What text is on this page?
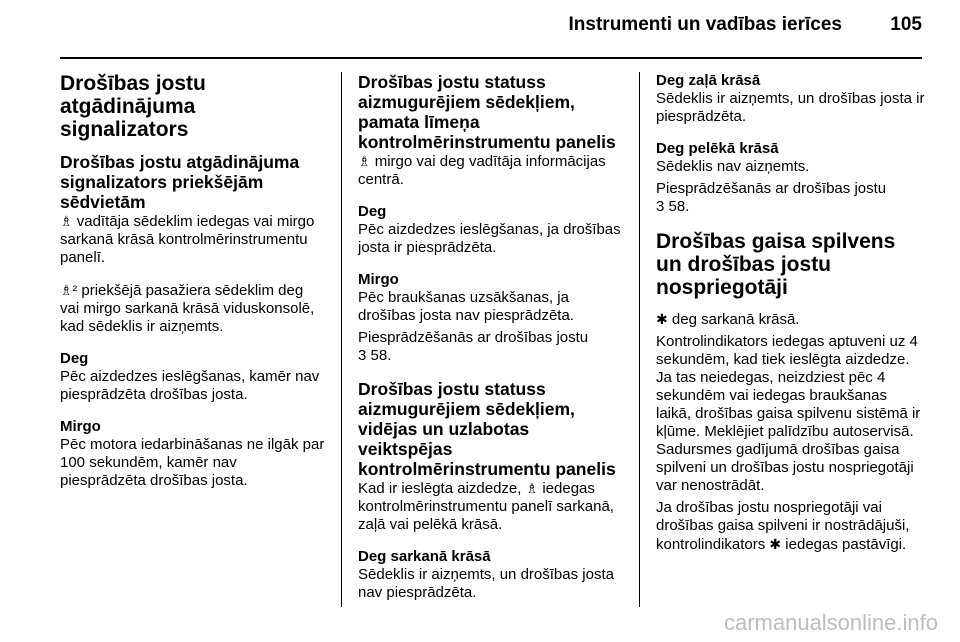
Instrumenti un vadības ierīces	105
Drošības jostu atgādinājuma signalizators
Drošības jostu atgādinājuma signalizators priekšējām sēdvietām
♗ vadītāja sēdeklim iedegas vai mirgo sarkanā krāsā kontrolmērinstrumentu panelī.
♗² priekšējā pasažiera sēdeklim deg vai mirgo sarkanā krāsā viduskonsolē, kad sēdeklis ir aizņemts.
Deg
Pēc aizdedzes ieslēgšanas, kamēr nav piesprādzēta drošības josta.
Mirgo
Pēc motora iedarbināšanas ne ilgāk par 100 sekundēm, kamēr nav piesprādzēta drošības josta.
Drošības jostu statuss aizmugurējiem sēdekļiem, pamata līmeņa kontrolmērinstrumentu panelis
♗ mirgo vai deg vadītāja informācijas centrā.
Deg
Pēc aizdedzes ieslēgšanas, ja drošības josta ir piesprādzēta.
Mirgo
Pēc braukšanas uzsākšanas, ja drošības josta nav piesprādzēta.
Piesprādzēšanās ar drošības jostu
3 58.
Drošības jostu statuss aizmugurējiem sēdekļiem, vidējas un uzlabotas veiktspējas kontrolmērinstrumentu panelis
Kad ir ieslēgta aizdedze, ♗ iedegas kontrolmērinstrumentu panelī sarkanā, zaļā vai pelēkā krāsā.
Deg sarkanā krāsā
Sēdeklis ir aizņemts, un drošības josta nav piesprādzēta.
Deg zaļā krāsā
Sēdeklis ir aizņemts, un drošības josta ir piesprādzēta.
Deg pelēkā krāsā
Sēdeklis nav aizņemts.
Piesprādzēšanās ar drošības jostu
3 58.
Drošības gaisa spilvens un drošības jostu nospriegotāji
✱ deg sarkanā krāsā.
Kontrolindikators iedegas aptuveni uz 4 sekundēm, kad tiek ieslēgta aizdedze. Ja tas neiedegas, neizdziest pēc 4 sekundēm vai iedegas braukšanas laikā, drošības gaisa spilvenu sistēmā ir kļūme. Meklējiet palīdzību autoservisā. Sadursmes gadījumā drošības gaisa spilveni un drošības jostu nospriegotāji var nenostrādāt.
Ja drošības jostu nospriegotāji vai drošības gaisa spilveni ir nostrādājuši, kontrolindikators ✱ iedegas pastāvīgi.
carmanualsonline.info
